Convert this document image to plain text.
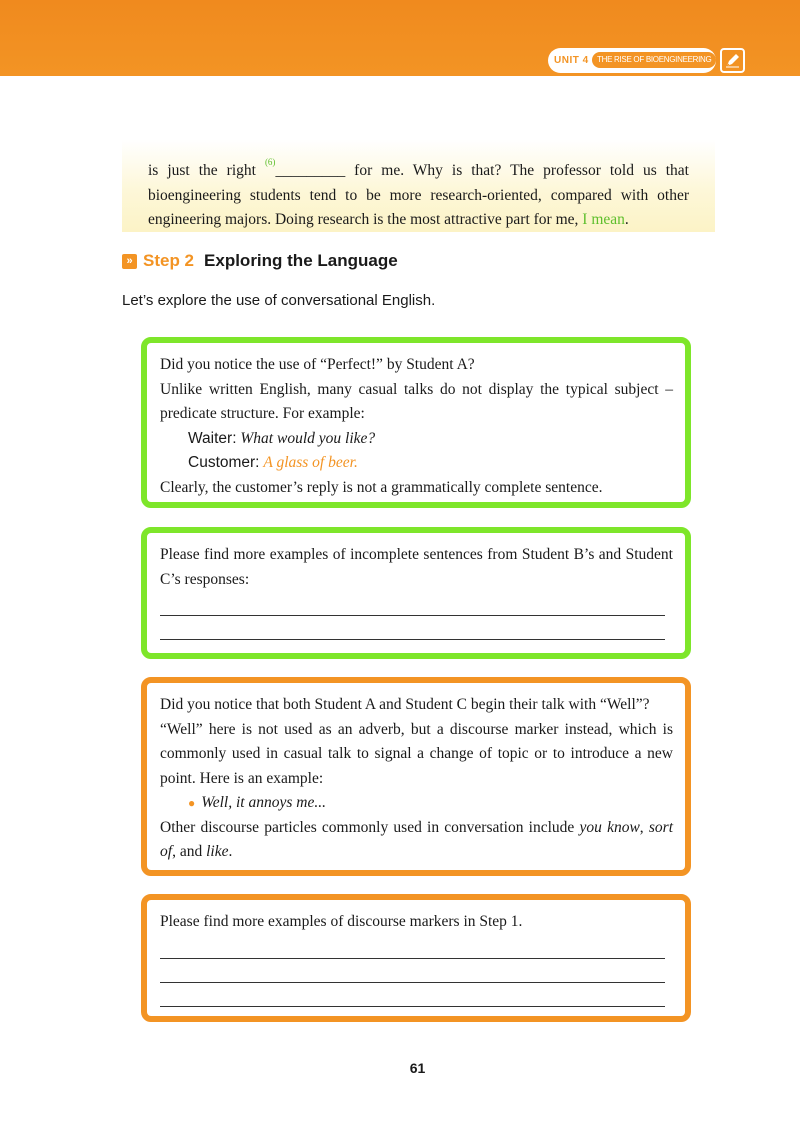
UNIT 4	THE RISE OF BIOENGINEERING

is just the right $^{(6)}$_________ for me. Why is that? The professor told us that bioengineering students tend to be more research-oriented, compared with other engineering majors. Doing research is the most attractive part for me, I mean.

» Step 2 Exploring the Language
Let’s explore the use of conversational English.

Did you notice the use of “Perfect!” by Student A?

Unlike written English, many casual talks do not display the typical subject – predicate structure. For example:

Waiter: What would you like?

Customer: A glass of beer.

Clearly, the customer’s reply is not a grammatically complete sentence.

Please find more examples of incomplete sentences from Student B’s and Student C’s responses:

Did you notice that both Student A and Student C begin their talk with “Well”?

“Well” here is not used as an adverb, but a discourse marker instead, which is commonly used in casual talk to signal a change of topic or to introduce a new point. Here is an example:

● Well, it annoys me...

Other discourse particles commonly used in conversation include you know, sort of, and like.

Please find more examples of discourse markers in Step 1.

61
